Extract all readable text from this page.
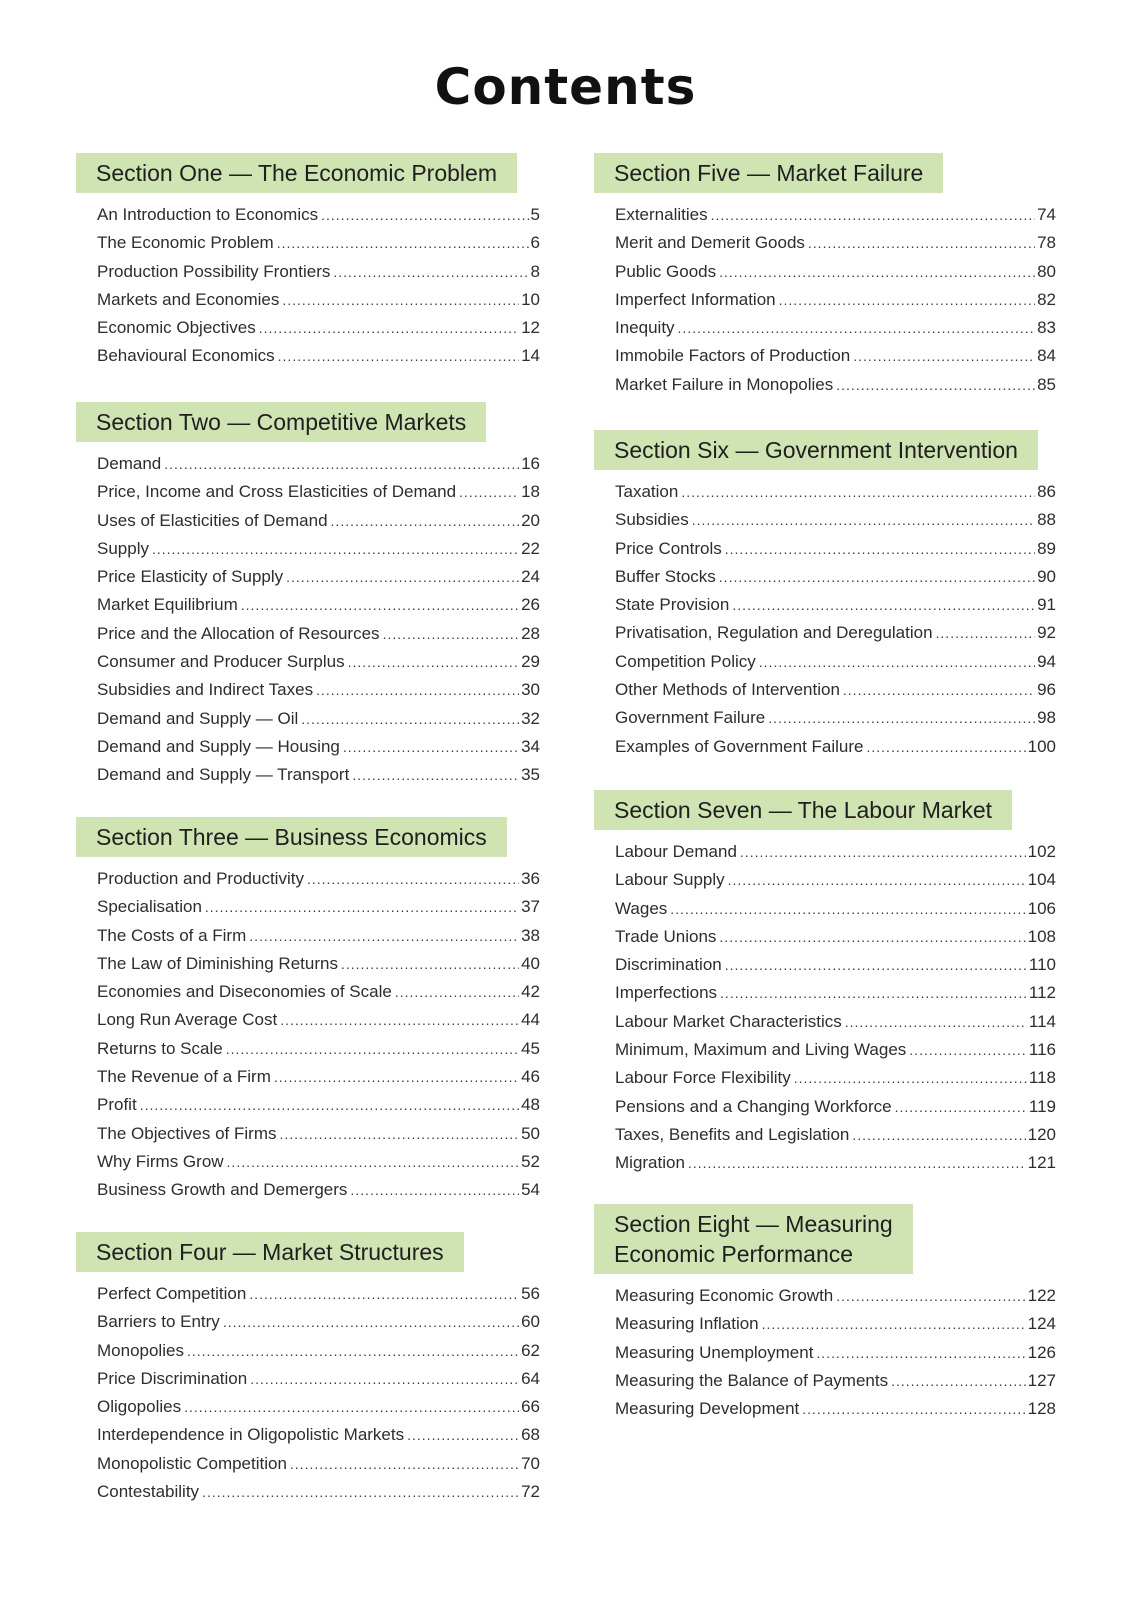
Contents
Section One — The Economic Problem
An Introduction to Economics .....	5
The Economic Problem .....	6
Production Possibility Frontiers .....	8
Markets and Economies .....	10
Economic Objectives .....	12
Behavioural Economics .....	14
Section Two — Competitive Markets
Demand .....	16
Price, Income and Cross Elasticities of Demand .....	18
Uses of Elasticities of Demand .....	20
Supply .....	22
Price Elasticity of Supply .....	24
Market Equilibrium .....	26
Price and the Allocation of Resources .....	28
Consumer and Producer Surplus .....	29
Subsidies and Indirect Taxes .....	30
Demand and Supply — Oil .....	32
Demand and Supply — Housing .....	34
Demand and Supply — Transport .....	35
Section Three — Business Economics
Production and Productivity .....	36
Specialisation .....	37
The Costs of a Firm .....	38
The Law of Diminishing Returns .....	40
Economies and Diseconomies of Scale .....	42
Long Run Average Cost .....	44
Returns to Scale .....	45
The Revenue of a Firm .....	46
Profit .....	48
The Objectives of Firms .....	50
Why Firms Grow .....	52
Business Growth and Demergers .....	54
Section Four — Market Structures
Perfect Competition .....	56
Barriers to Entry .....	60
Monopolies .....	62
Price Discrimination .....	64
Oligopolies .....	66
Interdependence in Oligopolistic Markets .....	68
Monopolistic Competition .....	70
Contestability .....	72
Section Five — Market Failure
Externalities .....	74
Merit and Demerit Goods .....	78
Public Goods .....	80
Imperfect Information .....	82
Inequity .....	83
Immobile Factors of Production .....	84
Market Failure in Monopolies .....	85
Section Six — Government Intervention
Taxation .....	86
Subsidies .....	88
Price Controls .....	89
Buffer Stocks .....	90
State Provision .....	91
Privatisation, Regulation and Deregulation .....	92
Competition Policy .....	94
Other Methods of Intervention .....	96
Government Failure .....	98
Examples of Government Failure .....	100
Section Seven — The Labour Market
Labour Demand .....	102
Labour Supply .....	104
Wages .....	106
Trade Unions .....	108
Discrimination .....	110
Imperfections .....	112
Labour Market Characteristics .....	114
Minimum, Maximum and Living Wages .....	116
Labour Force Flexibility .....	118
Pensions and a Changing Workforce .....	119
Taxes, Benefits and Legislation .....	120
Migration .....	121
Section Eight — Measuring
Economic Performance
Measuring Economic Growth .....	122
Measuring Inflation .....	124
Measuring Unemployment .....	126
Measuring the Balance of Payments .....	127
Measuring Development .....	128
